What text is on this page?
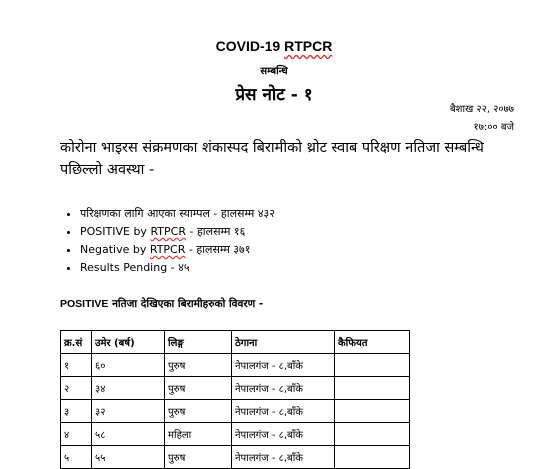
COVID-19 RTPCR
सम्बन्धि
प्रेस नोट - १
बैशाख २२, २०७७
१७:०० बजे
कोरोना भाइरस संक्रमणका शंकास्पद बिरामीको थ्रोट स्वाब परिक्षण नतिजा सम्बन्धि पछिल्लो अवस्था -
• परिक्षणका लागि आएका स्याम्पल - हालसम्म ४३२
• POSITIVE by RTPCR - हालसम्म १६
• Negative by RTPCR - हालसम्म ३७१
• Results Pending - ४५
POSITIVE नतिजा देखिएका बिरामीहरुको विवरण -
क्र.सं	उमेर (बर्ष)	लिङ्ग	ठेगाना	कैफियत
१	६०	पुरुष	नेपालगंज - ८,बाँके	
२	३४	पुरुष	नेपालगंज - ८,बाँके	
३	३२	पुरुष	नेपालगंज - ८,बाँके	
४	५८	महिला	नेपालगंज - ८,बाँके	
५	५५	पुरुष	नेपालगंज - ८,बाँके	
